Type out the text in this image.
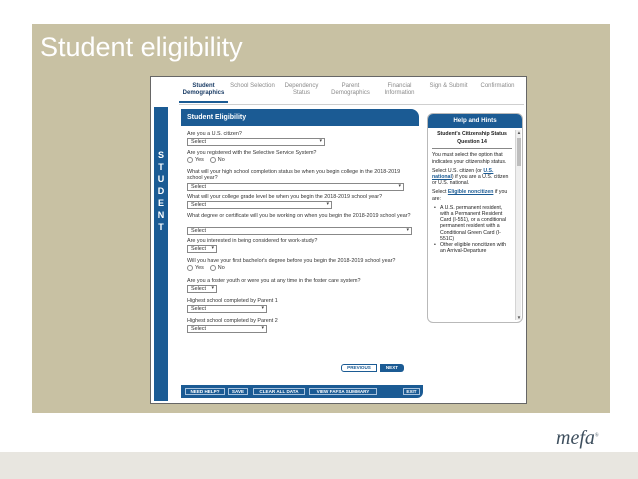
Student eligibility
Student Demographics
School Selection	Dependency Status
Parent Demographics
Financial Information
Sign & Submit	Confirmation
S
T
U
D
E
N
T
Student Eligibility
Are you a U.S. citizen?
Select	▾
Are you registered with the Selective Service System?
Yes	No
What will your high school completion status be when you begin college in the 2018-2019 school year?
Select	▾
What will your college grade level be when you begin the 2018-2019 school year?
Select	▾
What degree or certificate will you be working on when you begin the 2018-2019 school year?
Select	▾
Are you interested in being considered for work-study?
Select ▾
Will you have your first bachelor's degree before you begin the 2018-2019 school year?
Yes	No
Are you a foster youth or were you at any time in the foster care system?
Select ▾
Highest school completed by Parent 1
Select	▾
Highest school completed by Parent 2
Select	▾
PREVIOUS	NEXT
NEED HELP?	SAVE	CLEAR ALL DATA	VIEW FAFSA SUMMARY	EXIT
Help and Hints
Student's Citizenship Status
Question 14
You must select the option that indicates your citizenship status.
Select U.S. citizen (or U.S. national) if you are a U.S. citizen or U.S. national.
Select Eligible noncitizen if you are:
• A U.S. permanent resident, with a Permanent Resident Card (I-551), or a conditional permanent resident with a Conditional Green Card (I-551C)
• Other eligible noncitizen with an Arrival-Departure
▲
▼
mefa®
